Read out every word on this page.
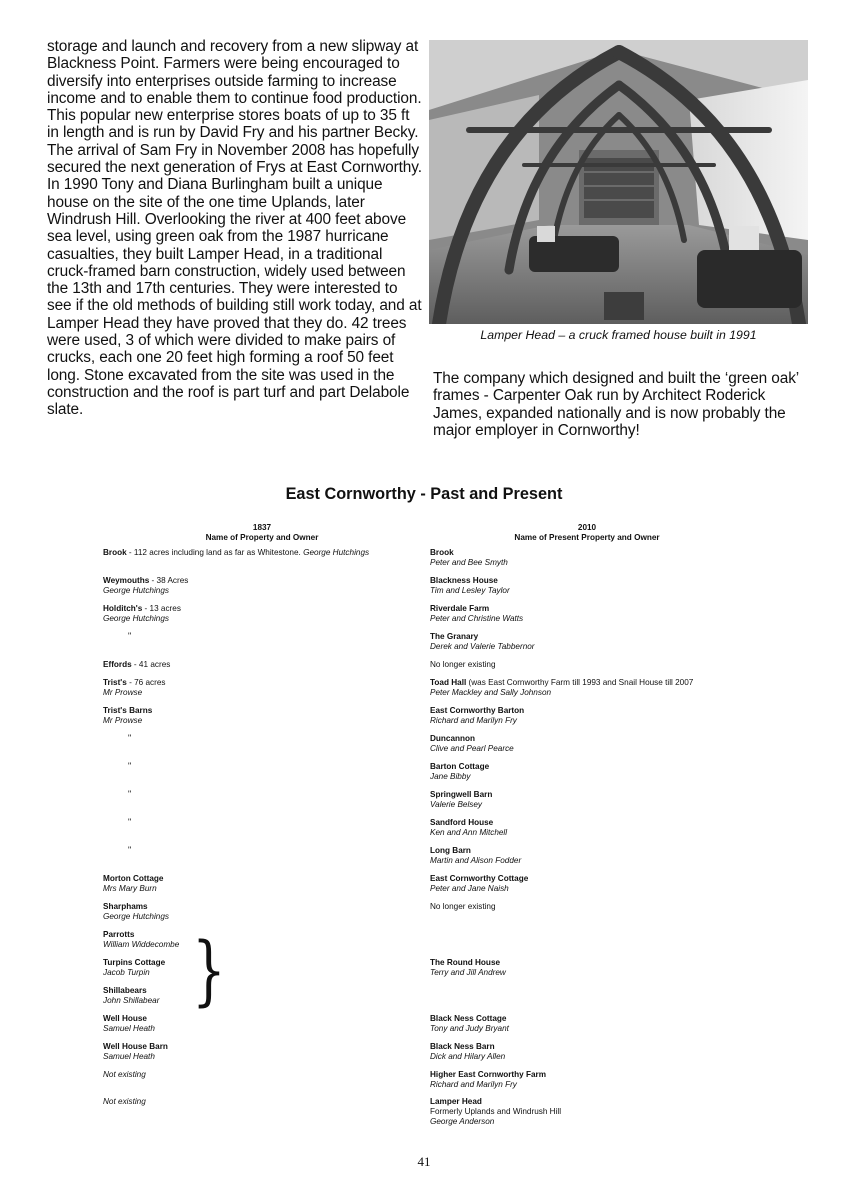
storage and launch and recovery from a new slipway at Blackness Point. Farmers were being encouraged to diversify into enterprises outside farming to increase income and to enable them to continue food production. This popular new enterprise stores boats of up to 35 ft in length and is run by David Fry and his partner Becky. The arrival of Sam Fry in November 2008 has hopefully secured the next generation of Frys at East Cornworthy.

In 1990 Tony and Diana Burlingham built a unique house on the site of the one time Uplands, later Windrush Hill. Overlooking the river at 400 feet above sea level, using green oak from the 1987 hurricane casualties, they built Lamper Head, in a traditional cruck-framed barn construction, widely used between the 13th and 17th centuries. They were interested to see if the old methods of building still work today, and at Lamper Head they have proved that they do. 42 trees were used, 3 of which were divided to make pairs of crucks, each one 20 feet high forming a roof 50 feet long. Stone excavated from the site was used in the construction and the roof is part turf and part Delabole slate.

Lamper Head – a cruck framed house built in 1991
The company which designed and built the ‘green oak’ frames - Carpenter Oak run by Architect Roderick James, expanded nationally and is now probably the major employer in Cornworthy!
East Cornworthy - Past and Present
1837
Name of Property and Owner
2010
Name of Present Property and Owner
Brook - 112 acres including land as far as Whitestone. George Hutchings
Weymouths - 38 Acres
George Hutchings
Holditch's - 13 acres
George Hutchings
"
Effords - 41 acres
Trist's - 76 acres
Mr Prowse
Trist's Barns
Mr Prowse
"
"
"
"
"
Morton Cottage
Mrs Mary Burn
Sharphams
George Hutchings
Parrotts
William Widdecombe
Turpins Cottage
Jacob Turpin
Shillabears
John Shillabear }
Well House
Samuel Heath
Well House Barn
Samuel Heath
Not existing
Not existing
Brook
Peter and Bee Smyth
Blackness House
Tim and Lesley Taylor
Riverdale Farm
Peter and Christine Watts
The Granary
Derek and Valerie Tabbernor
No longer existing
Toad Hall (was East Cornworthy Farm till 1993 and Snail House till 2007
Peter Mackley and Sally Johnson
East Cornworthy Barton
Richard and Marilyn Fry
Duncannon
Clive and Pearl Pearce
Barton Cottage
Jane Bibby
Springwell Barn
Valerie Belsey
Sandford House
Ken and Ann Mitchell
Long Barn
Martin and Alison Fodder
East Cornworthy Cottage
Peter and Jane Naish
No longer existing
The Round House
Terry and Jill Andrew
Black Ness Cottage
Tony and Judy Bryant
Black Ness Barn
Dick and Hilary Allen
Higher East Cornworthy Farm
Richard and Marilyn Fry
Lamper Head
Formerly Uplands and Windrush Hill
George Anderson
41
